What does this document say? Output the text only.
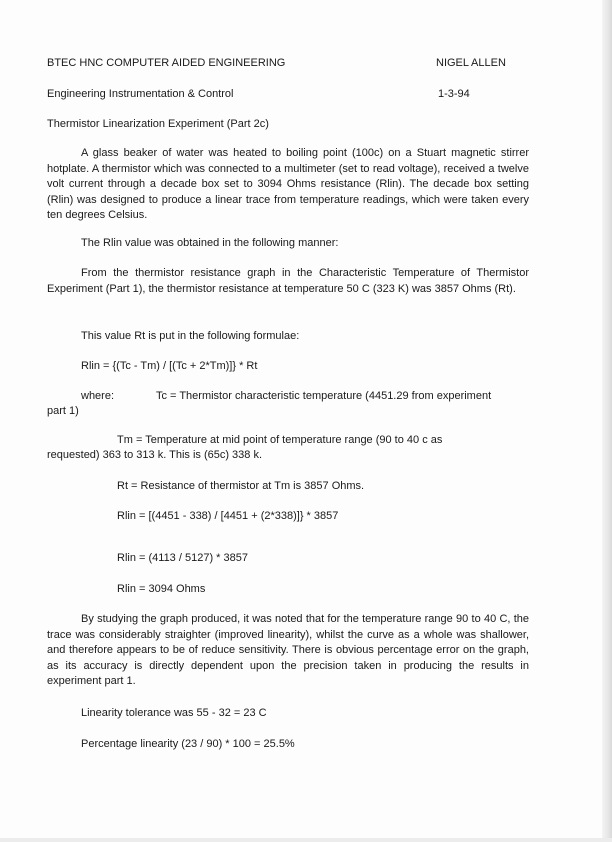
BTEC HNC COMPUTER AIDED ENGINEERING	NIGEL ALLEN

Engineering Instrumentation & Control	1-3-94

Thermistor Linearization Experiment (Part 2c)

A glass beaker of water was heated to boiling point (100c) on a Stuart magnetic stirrer hotplate. A thermistor which was connected to a multimeter (set to read voltage), received a twelve volt current through a decade box set to 3094 Ohms resistance (Rlin). The decade box setting (Rlin) was designed to produce a linear trace from temperature readings, which were taken every ten degrees Celsius.

The Rlin value was obtained in the following manner:

From the thermistor resistance graph in the Characteristic Temperature of Thermistor Experiment (Part 1), the thermistor resistance at temperature 50 C (323 K) was 3857 Ohms (Rt).

This value Rt is put in the following formulae:

Rlin = {(Tc - Tm) / [(Tc + 2*Tm)]} * Rt

where:	Tc = Thermistor characteristic temperature (4451.29 from experiment

part 1)

Tm = Temperature at mid point of temperature range (90 to 40 c as

requested) 363 to 313 k. This is (65c) 338 k.

Rt = Resistance of thermistor at Tm is 3857 Ohms.

Rlin = [(4451 - 338) / [4451 + (2*338)]} * 3857

Rlin = (4113 / 5127) * 3857

Rlin = 3094 Ohms

By studying the graph produced, it was noted that for the temperature range 90 to 40 C, the trace was considerably straighter (improved linearity), whilst the curve as a whole was shallower, and therefore appears to be of reduce sensitivity. There is obvious percentage error on the graph, as its accuracy is directly dependent upon the precision taken in producing the results in experiment part 1.

Linearity tolerance was 55 - 32 = 23 C

Percentage linearity (23 / 90) * 100 = 25.5%
